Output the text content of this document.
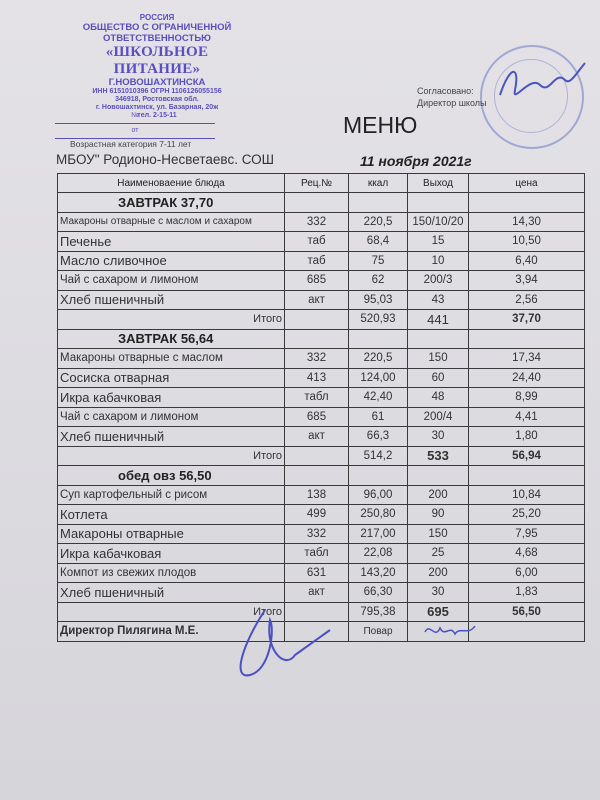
РОССИЯ
ОБЩЕСТВО С ОГРАНИЧЕННОЙ
ОТВЕТСТВЕННОСТЬЮ
«ШКОЛЬНОЕ ПИТАНИЕ»
Г.НОВОШАХТИНСКА
ИНН 6151010396 ОГРН 1106126055156
346918, Ростовская обл.
г. Новошахтинск, ул. Базарная, 20ж
тел. 2-15-11
№
от
Возрастная категория 7-11 лет
МБОУ" Родионо-Несветаевс. СОШ
Согласовано:
Директор школы
МЕНЮ
11 ноября 2021г
Наименоваение блюда	Рец.№	ккал	Выход	цена
ЗАВТРАК 37,70				
Макароны отварные с маслом и сахаром	332	220,5	150/10/20	14,30
Печенье	таб	68,4	15	10,50
Масло сливочное	таб	75	10	6,40
Чай с сахаром и лимоном	685	62	200/3	3,94
Хлеб пшеничный	акт	95,03	43	2,56
Итого		520,93	441	37,70
ЗАВТРАК 56,64				
Макароны отварные с маслом	332	220,5	150	17,34
Сосиска отварная	413	124,00	60	24,40
Икра кабачковая	табл	42,40	48	8,99
Чай с сахаром и лимоном	685	61	200/4	4,41
Хлеб пшеничный	акт	66,3	30	1,80
Итого		514,2	533	56,94
обед овз 56,50				
Суп картофельный с рисом	138	96,00	200	10,84
Котлета	499	250,80	90	25,20
Макароны отварные	332	217,00	150	7,95
Икра кабачковая	табл	22,08	25	4,68
Компот из свежих плодов	631	143,20	200	6,00
Хлеб пшеничный	акт	66,30	30	1,83
Итого		795,38	695	56,50
Директор Пилягина М.Е.		Повар		
